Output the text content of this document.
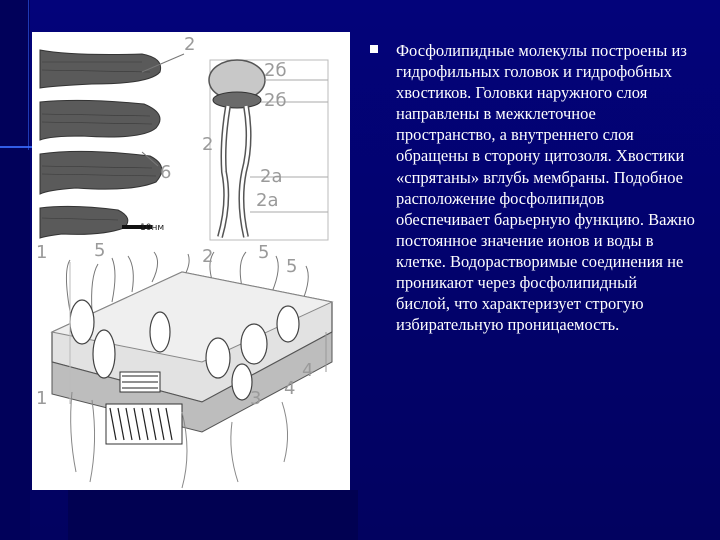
10нм
2
2б
2б
2
2а
2а
6
1	5	2 5
5
1	3
4
4

Фосфолипидные молекулы построены из гидрофильных головок и гидрофобных хвостиков. Головки наружного слоя направлены в межклеточное пространство, а внутреннего слоя обращены в сторону цитозоля. Хвостики «спрятаны» вглубь мембраны. Подобное расположение фосфолипидов обеспечивает барьерную функцию. Важно постоянное значение ионов и воды в клетке. Водорастворимые соединения не проникают через фосфолипидный бислой, что характеризует строгую избирательную проницаемость.
